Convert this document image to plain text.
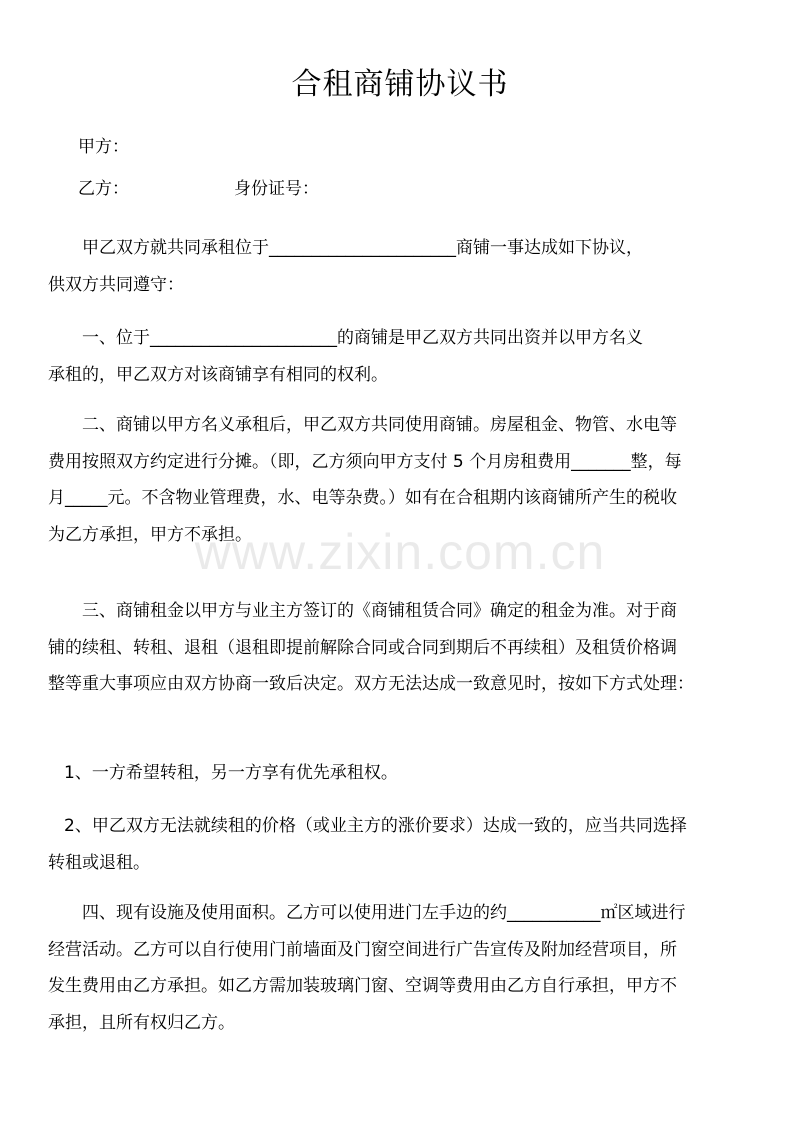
合租商铺协议书
甲方：
乙方：	身份证号：

甲乙双方就共同承租位于______________________商铺一事达成如下协议，

供双方共同遵守：

一、位于______________________的商铺是甲乙双方共同出资并以甲方名义

承租的，甲乙双方对该商铺享有相同的权利。

二、商铺以甲方名义承租后，甲乙双方共同使用商铺。房屋租金、物管、水电等

费用按照双方约定进行分摊。（即，乙方须向甲方支付 5 个月房租费用_______整，每

月_____元。不含物业管理费，水、电等杂费。）如有在合租期内该商铺所产生的税收

为乙方承担，甲方不承担。

www.zixin.com.cn

三、商铺租金以甲方与业主方签订的《商铺租赁合同》确定的租金为准。对于商

铺的续租、转租、退租（退租即提前解除合同或合同到期后不再续租）及租赁价格调

整等重大事项应由双方协商一致后决定。双方无法达成一致意见时，按如下方式处理：

1、一方希望转租，另一方享有优先承租权。

2、甲乙双方无法就续租的价格（或业主方的涨价要求）达成一致的，应当共同选择

转租或退租。

四、现有设施及使用面积。乙方可以使用进门左手边的约___________㎡区域进行

经营活动。乙方可以自行使用门前墙面及门窗空间进行广告宣传及附加经营项目，所

发生费用由乙方承担。如乙方需加装玻璃门窗、空调等费用由乙方自行承担，甲方不

承担，且所有权归乙方。
